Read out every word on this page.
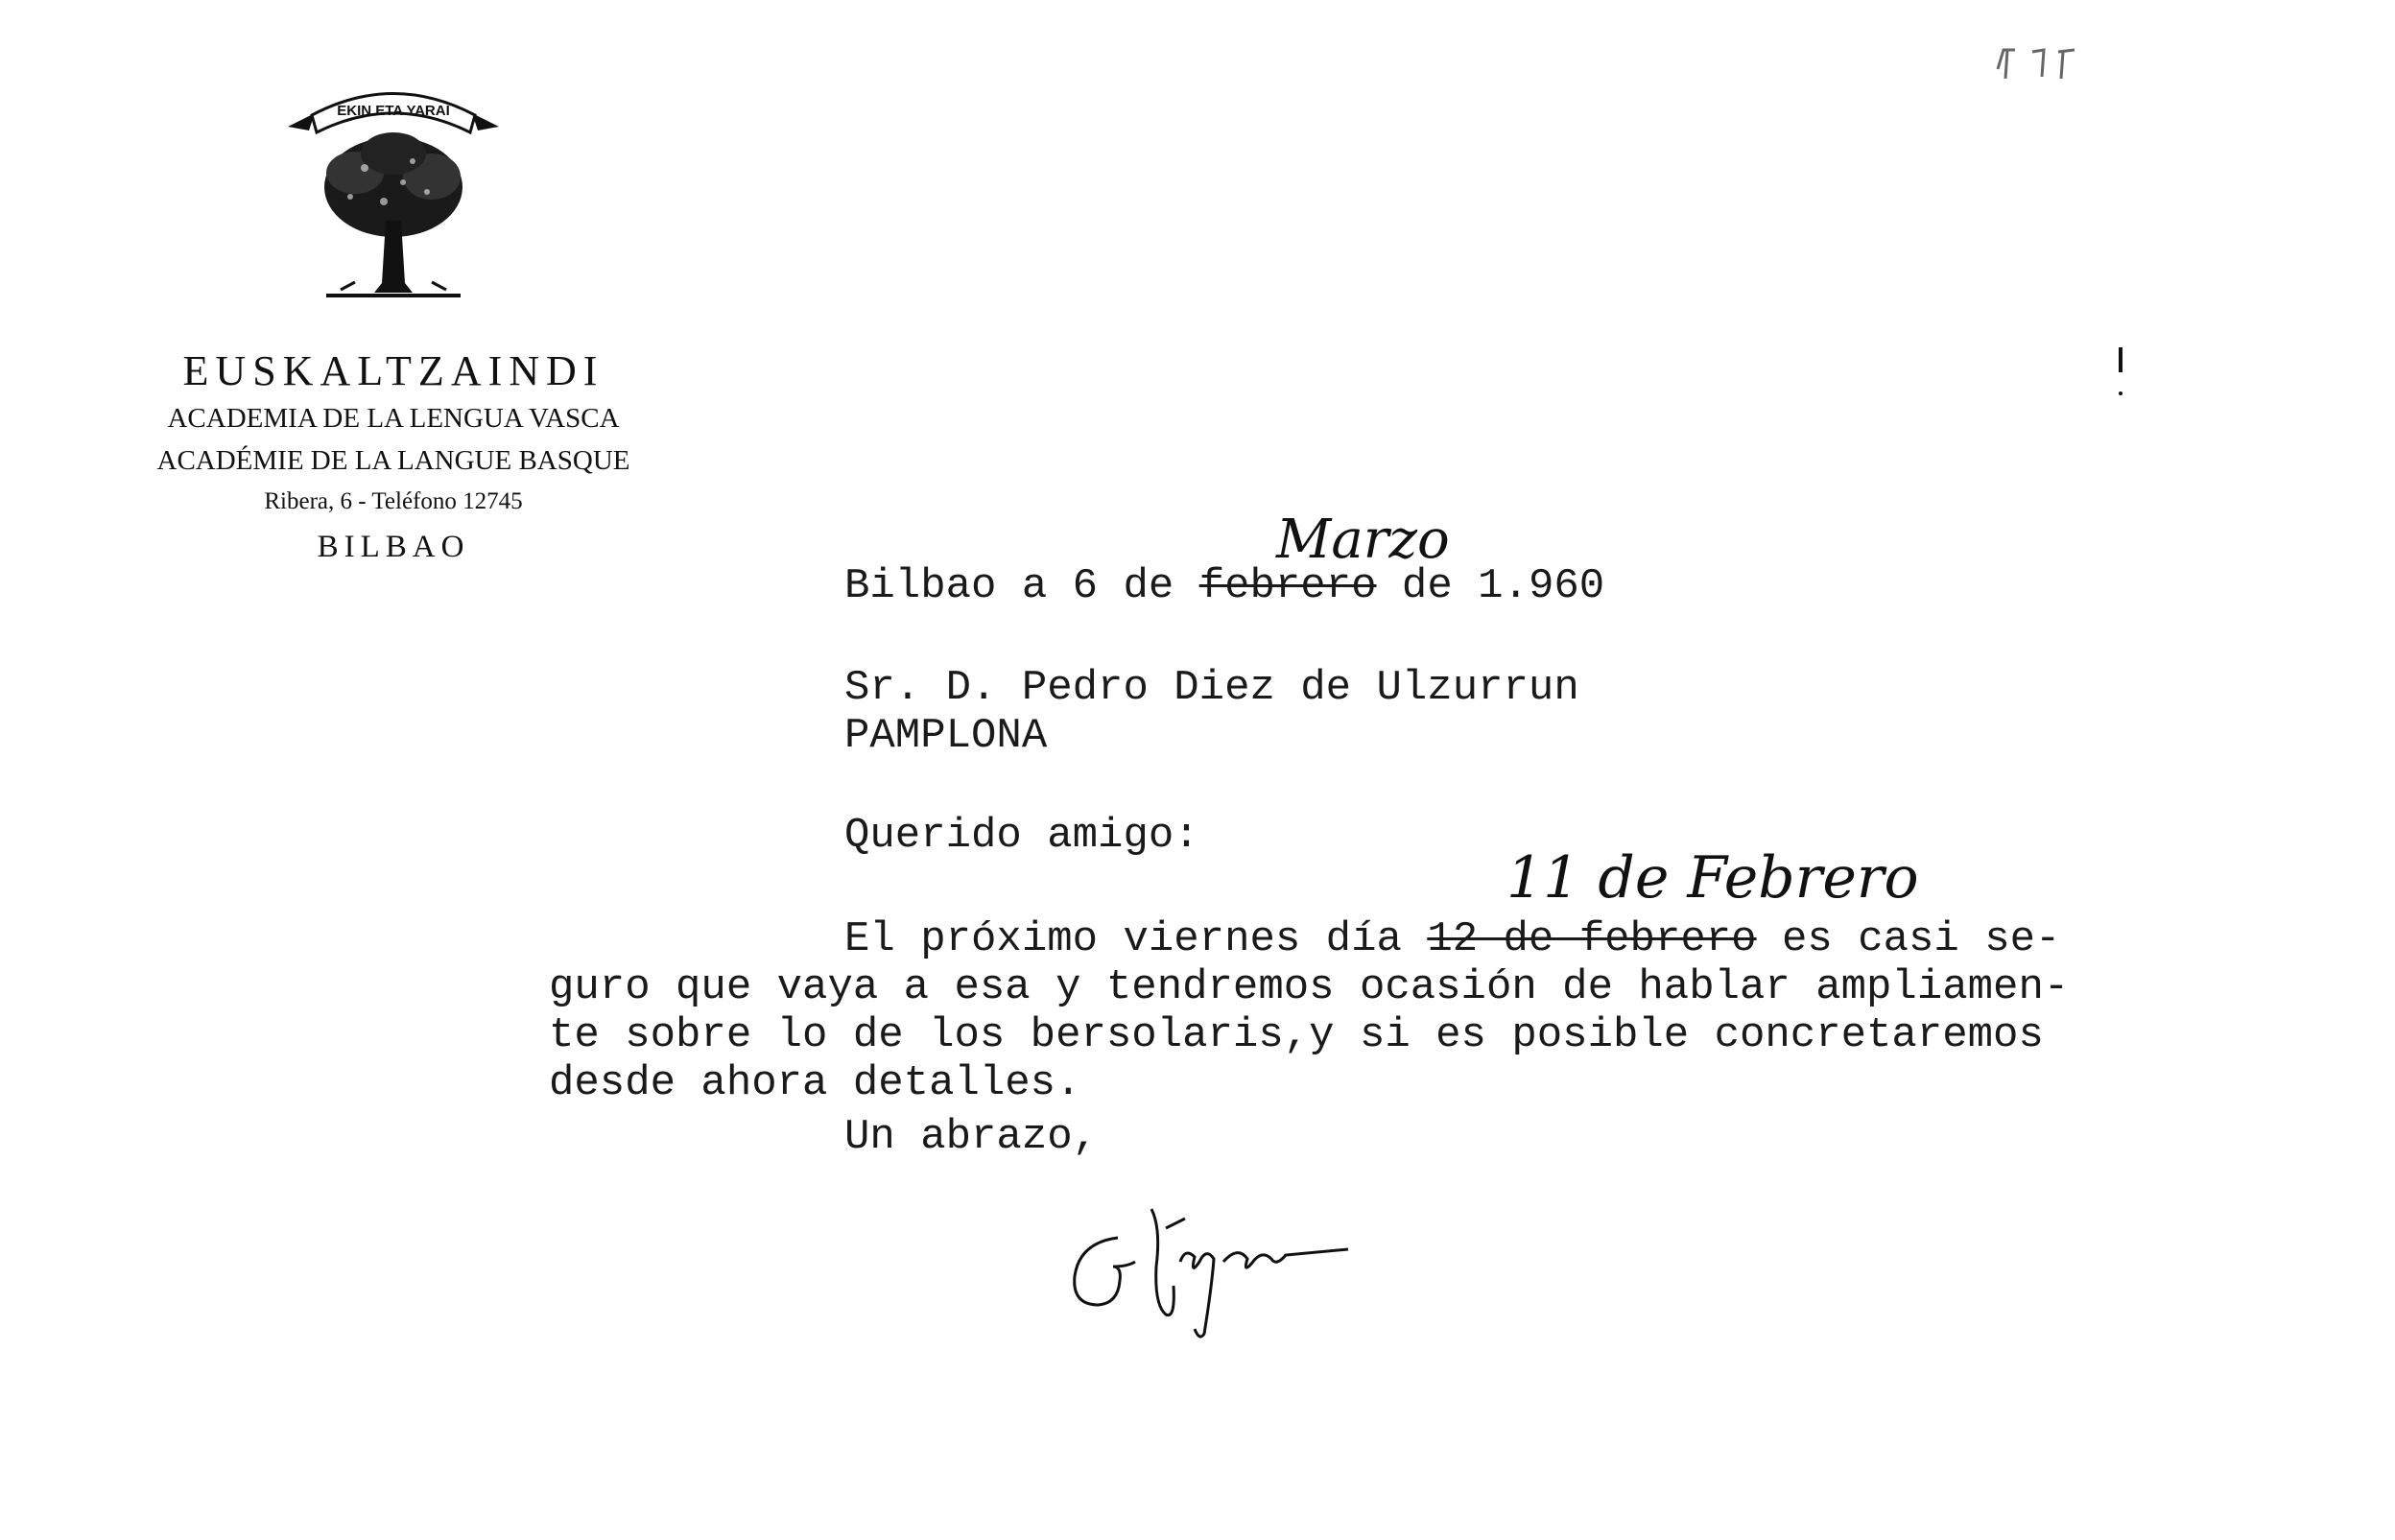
EKIN ETA YARAI

EUSKALTZAINDI

ACADEMIA DE LA LENGUA VASCA

ACADÉMIE DE LA LANGUE BASQUE

Ribera, 6 - Teléfono 12745

BILBAO

Bilbao a 6 de febrero de 1.960

Marzo

Sr. D. Pedro Diez de Ulzurrun

PAMPLONA

Querido amigo:

11 de Febrero

El próximo viernes día 12 de febrero es casi se-

guro que vaya a esa y tendremos ocasión de hablar ampliamen-

te sobre lo de los bersolaris,y si es posible concretaremos

desde ahora detalles.

Un abrazo,
